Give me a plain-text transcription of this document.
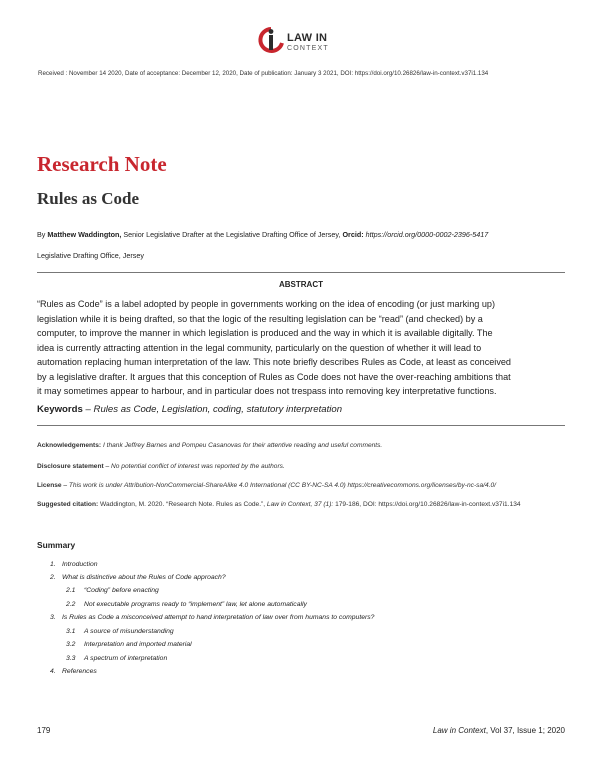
LAW IN
CONTEXT
Received : November 14 2020, Date of acceptance: December 12, 2020, Date of publication: January 3 2021, DOI: https://doi.org/10.26826/law-in-context.v37i1.134
Research Note
Rules as Code
By Matthew Waddington, Senior Legislative Drafter at the Legislative Drafting Office of Jersey, Orcid: https://orcid.org/0000-0002-2396-5417
Legislative Drafting Office, Jersey
ABSTRACT
“Rules as Code” is a label adopted by people in governments working on the idea of encoding (or just marking up)
legislation while it is being drafted, so that the logic of the resulting legislation can be “read” (and checked) by a
computer, to improve the manner in which legislation is produced and the way in which it is available digitally. The
idea is currently attracting attention in the legal community, particularly on the question of whether it will lead to
automation replacing human interpretation of the law. This note briefly describes Rules as Code, at least as conceived
by a legislative drafter. It argues that this conception of Rules as Code does not have the over-reaching ambitions that
it may sometimes appear to harbour, and in particular does not trespass into removing key interpretative functions.
Keywords – Rules as Code, Legislation, coding, statutory interpretation
Acknowledgements: I thank Jeffrey Barnes and Pompeu Casanovas for their attentive reading and useful comments.
Disclosure statement – No potential conflict of interest was reported by the authors.
License – This work is under Attribution-NonCommercial-ShareAlike 4.0 International (CC BY-NC-SA 4.0) https://creativecommons.org/licenses/by-nc-sa/4.0/
Suggested citation: Waddington, M. 2020. “Research Note. Rules as Code.”, Law in Context, 37 (1): 179-186, DOI: https://doi.org/10.26826/law-in-context.v37i1.134
Summary
1. Introduction
2. What is distinctive about the Rules of Code approach?
2.1 “Coding” before enacting
2.2 Not executable programs ready to “implement” law, let alone automatically
3. Is Rules as Code a misconceived attempt to hand interpretation of law over from humans to computers?
3.1 A source of misunderstanding
3.2 Interpretation and imported material
3.3 A spectrum of interpretation
4. References
179	Law in Context, Vol 37, Issue 1; 2020
